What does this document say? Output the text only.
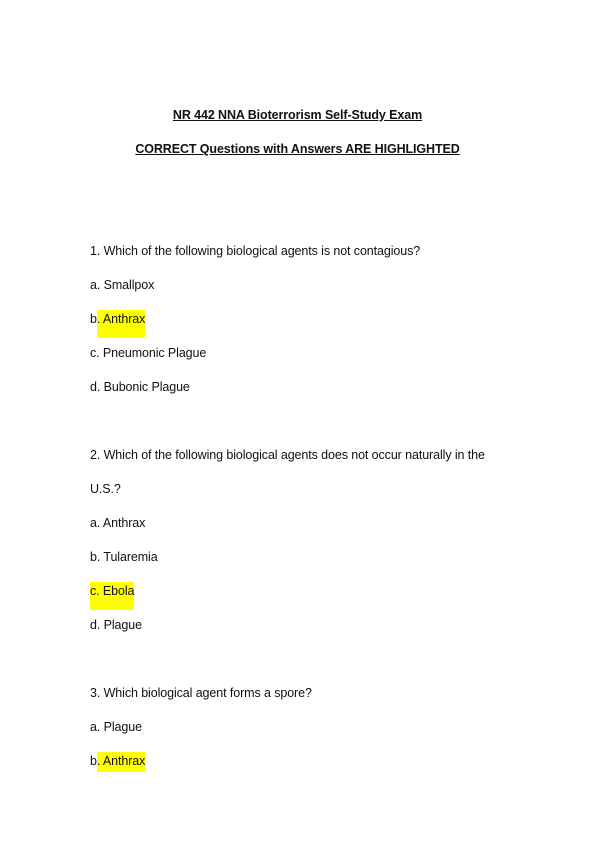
NR 442 NNA Bioterrorism Self-Study Exam
CORRECT Questions with Answers ARE HIGHLIGHTED
1. Which of the following biological agents is not contagious?
a. Smallpox
b. Anthrax
c. Pneumonic Plague
d. Bubonic Plague
2. Which of the following biological agents does not occur naturally in the
U.S.?
a. Anthrax
b. Tularemia
c. Ebola
d. Plague
3. Which biological agent forms a spore?
a. Plague
b. Anthrax
